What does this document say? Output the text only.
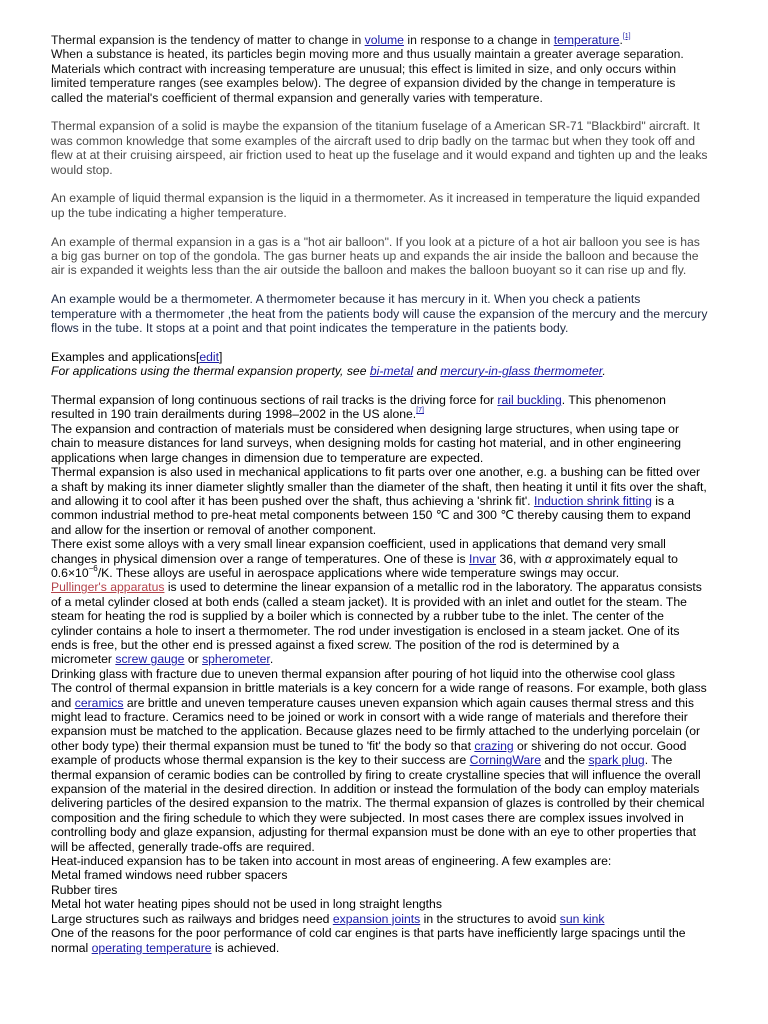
Thermal expansion is the tendency of matter to change in volume in response to a change in temperature.[1]

When a substance is heated, its particles begin moving more and thus usually maintain a greater average separation.

Materials which contract with increasing temperature are unusual; this effect is limited in size, and only occurs within

limited temperature ranges (see examples below). The degree of expansion divided by the change in temperature is

called the material's coefficient of thermal expansion and generally varies with temperature.

Thermal expansion of a solid is maybe the expansion of the titanium fuselage of a American SR-71 "Blackbird" aircraft. It

was common knowledge that some examples of the aircraft used to drip badly on the tarmac but when they took off and

flew at at their cruising airspeed, air friction used to heat up the fuselage and it would expand and tighten up and the leaks

would stop.

An example of liquid thermal expansion is the liquid in a thermometer. As it increased in temperature the liquid expanded

up the tube indicating a higher temperature.

An example of thermal expansion in a gas is a "hot air balloon". If you look at a picture of a hot air balloon you see is has

a big gas burner on top of the gondola. The gas burner heats up and expands the air inside the balloon and because the

air is expanded it weights less than the air outside the balloon and makes the balloon buoyant so it can rise up and fly.

An example would be a thermometer. A thermometer because it has mercury in it. When you check a patients

temperature with a thermometer ,the heat from the patients body will cause the expansion of the mercury and the mercury

flows in the tube. It stops at a point and that point indicates the temperature in the patients body.

Examples and applications[edit]

For applications using the thermal expansion property, see bi-metal and mercury-in-glass thermometer.

Thermal expansion of long continuous sections of rail tracks is the driving force for rail buckling. This phenomenon

resulted in 190 train derailments during 1998–2002 in the US alone.[7]

The expansion and contraction of materials must be considered when designing large structures, when using tape or

chain to measure distances for land surveys, when designing molds for casting hot material, and in other engineering

applications when large changes in dimension due to temperature are expected.

Thermal expansion is also used in mechanical applications to fit parts over one another, e.g. a bushing can be fitted over

a shaft by making its inner diameter slightly smaller than the diameter of the shaft, then heating it until it fits over the shaft,

and allowing it to cool after it has been pushed over the shaft, thus achieving a 'shrink fit'. Induction shrink fitting is a

common industrial method to pre-heat metal components between 150 ℃ and 300 ℃ thereby causing them to expand

and allow for the insertion or removal of another component.

There exist some alloys with a very small linear expansion coefficient, used in applications that demand very small

changes in physical dimension over a range of temperatures. One of these is Invar 36, with α approximately equal to

$0.6\times 10^{-6}/K$. These alloys are useful in aerospace applications where wide temperature swings may occur.

Pullinger's apparatus is used to determine the linear expansion of a metallic rod in the laboratory. The apparatus consists

of a metal cylinder closed at both ends (called a steam jacket). It is provided with an inlet and outlet for the steam. The

steam for heating the rod is supplied by a boiler which is connected by a rubber tube to the inlet. The center of the

cylinder contains a hole to insert a thermometer. The rod under investigation is enclosed in a steam jacket. One of its

ends is free, but the other end is pressed against a fixed screw. The position of the rod is determined by a

micrometer screw gauge or spherometer.

Drinking glass with fracture due to uneven thermal expansion after pouring of hot liquid into the otherwise cool glass

The control of thermal expansion in brittle materials is a key concern for a wide range of reasons. For example, both glass

and ceramics are brittle and uneven temperature causes uneven expansion which again causes thermal stress and this

might lead to fracture. Ceramics need to be joined or work in consort with a wide range of materials and therefore their

expansion must be matched to the application. Because glazes need to be firmly attached to the underlying porcelain (or

other body type) their thermal expansion must be tuned to 'fit' the body so that crazing or shivering do not occur. Good

example of products whose thermal expansion is the key to their success are CorningWare and the spark plug. The

thermal expansion of ceramic bodies can be controlled by firing to create crystalline species that will influence the overall

expansion of the material in the desired direction. In addition or instead the formulation of the body can employ materials

delivering particles of the desired expansion to the matrix. The thermal expansion of glazes is controlled by their chemical

composition and the firing schedule to which they were subjected. In most cases there are complex issues involved in

controlling body and glaze expansion, adjusting for thermal expansion must be done with an eye to other properties that

will be affected, generally trade-offs are required.

Heat-induced expansion has to be taken into account in most areas of engineering. A few examples are:

Metal framed windows need rubber spacers

Rubber tires

Metal hot water heating pipes should not be used in long straight lengths

Large structures such as railways and bridges need expansion joints in the structures to avoid sun kink

One of the reasons for the poor performance of cold car engines is that parts have inefficiently large spacings until the

normal operating temperature is achieved.
